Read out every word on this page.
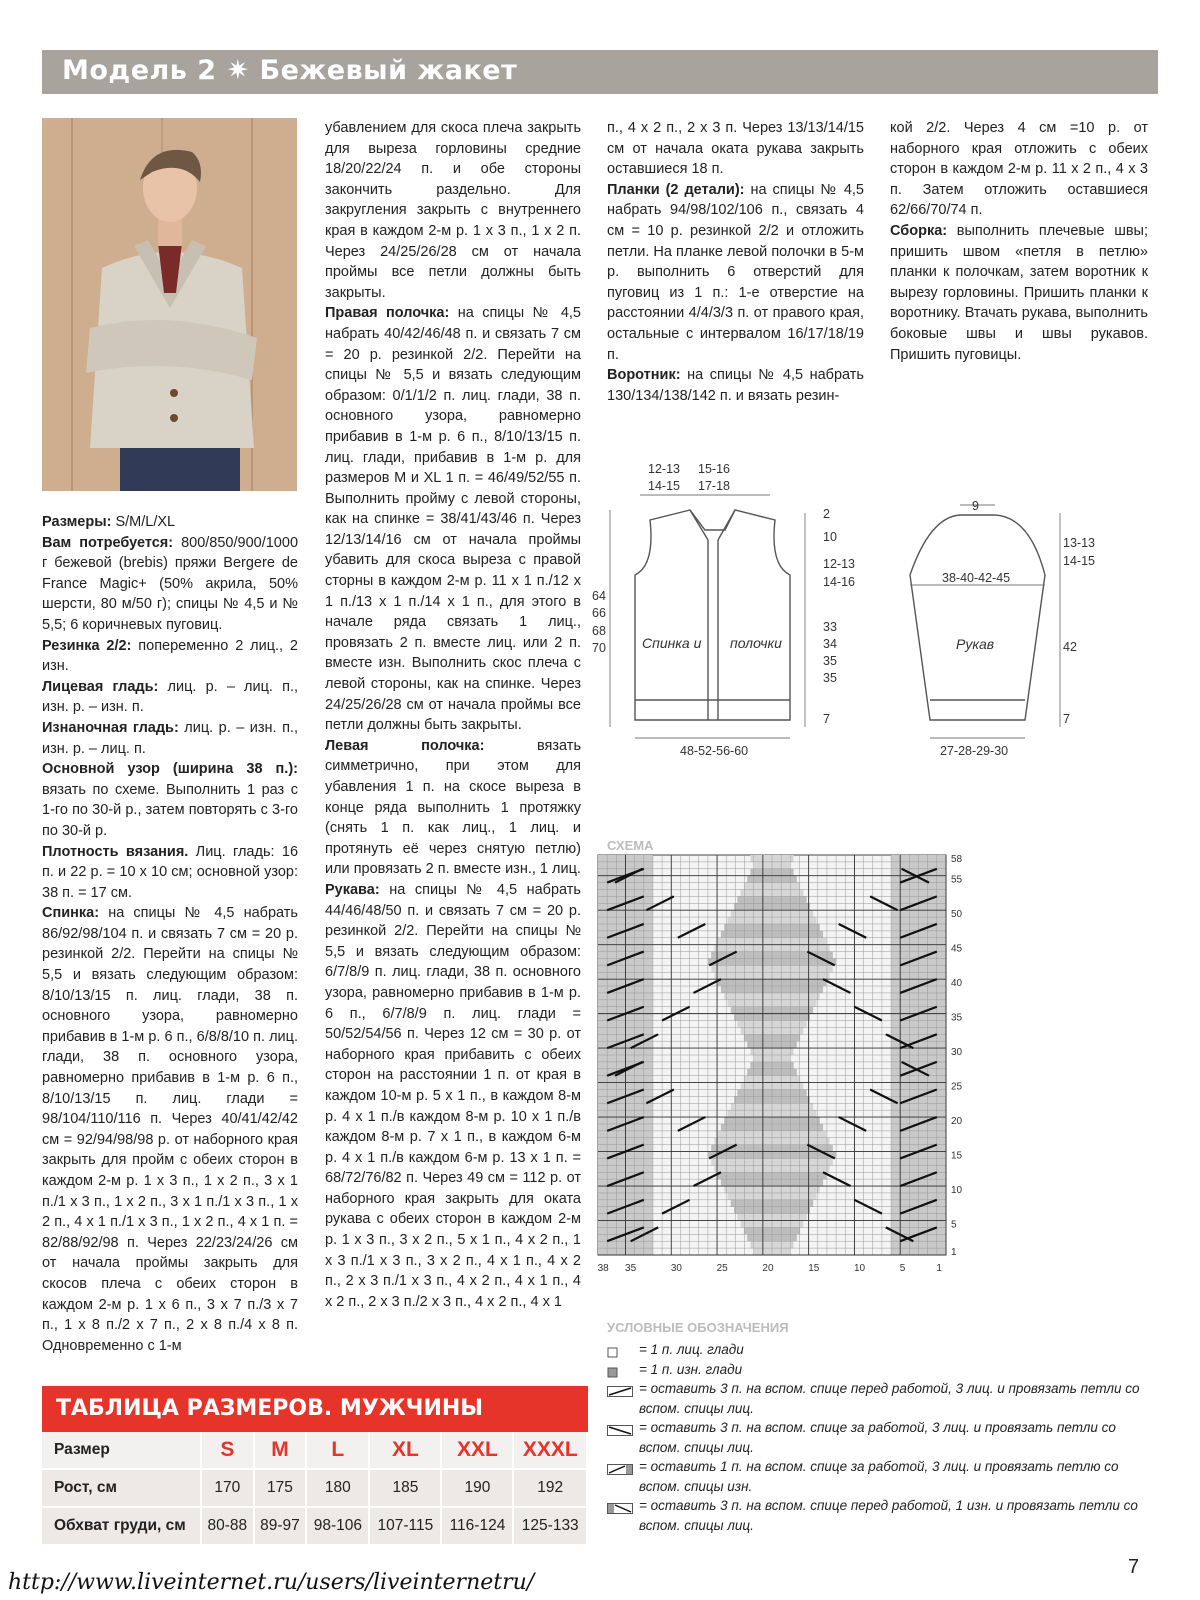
Модель 2 ✷ Бежевый жакет

Размеры: S/M/L/XL

Вам потребуется: 800/850/900/1000 г бежевой (brebis) пряжи Bergere de France Magic+ (50% акрила, 50% шерсти, 80 м/50 г); спицы № 4,5 и № 5,5; 6 коричневых пуговиц.

Резинка 2/2: попеременно 2 лиц., 2 изн.

Лицевая гладь: лиц. р. – лиц. п., изн. р. – изн. п.

Изнаночная гладь: лиц. р. – изн. п., изн. р. – лиц. п.

Основной узор (ширина 38 п.): вязать по схеме. Выполнить 1 раз с 1-го по 30-й р., затем повторять с 3-го по 30-й р.

Плотность вязания. Лиц. гладь: 16 п. и 22 р. = 10 х 10 см; основной узор: 38 п. = 17 см.

Спинка: на спицы № 4,5 набрать 86/92/98/104 п. и связать 7 см = 20 р. резинкой 2/2. Перейти на спицы № 5,5 и вязать следующим образом: 8/10/13/15 п. лиц. глади, 38 п. основного узора, равномерно прибавив в 1-м р. 6 п., 6/8/8/10 п. лиц. глади, 38 п. основного узора, равномерно прибавив в 1-м р. 6 п., 8/10/13/15 п. лиц. глади = 98/104/110/116 п. Через 40/41/42/42 см = 92/94/98/98 р. от наборного края закрыть для пройм с обеих сторон в каждом 2-м р. 1 х 3 п., 1 х 2 п., 3 х 1 п./1 х 3 п., 1 х 2 п., 3 х 1 п./1 х 3 п., 1 х 2 п., 4 х 1 п./1 х 3 п., 1 х 2 п., 4 х 1 п. = 82/88/92/98 п. Через 22/23/24/26 см от начала проймы закрыть для скосов плеча с обеих сторон в каждом 2-м р. 1 х 6 п., 3 х 7 п./3 х 7 п., 1 х 8 п./2 х 7 п., 2 х 8 п./4 х 8 п. Одновременно с 1-м

убавлением для скоса плеча закрыть для выреза горловины средние 18/20/22/24 п. и обе стороны закончить раздельно. Для закругления закрыть с внутреннего края в каждом 2-м р. 1 х 3 п., 1 х 2 п. Через 24/25/26/28 см от начала проймы все петли должны быть закрыты.

Правая полочка: на спицы № 4,5 набрать 40/42/46/48 п. и связать 7 см = 20 р. резинкой 2/2. Перейти на спицы № 5,5 и вязать следующим образом: 0/1/1/2 п. лиц. глади, 38 п. основного узора, равномерно прибавив в 1-м р. 6 п., 8/10/13/15 п. лиц. глади, прибавив в 1-м р. для размеров M и XL 1 п. = 46/49/52/55 п. Выполнить пройму с левой стороны, как на спинке = 38/41/43/46 п. Через 12/13/14/16 см от начала проймы убавить для скоса выреза с правой сторны в каждом 2-м р. 11 х 1 п./12 х 1 п./13 х 1 п./14 х 1 п., для этого в начале ряда связать 1 лиц., провязать 2 п. вместе лиц. или 2 п. вместе изн. Выполнить скос плеча с левой стороны, как на спинке. Через 24/25/26/28 см от начала проймы все петли должны быть закрыты.

Левая полочка: вязать симметрично, при этом для убавления 1 п. на скосе выреза в конце ряда выполнить 1 протяжку (снять 1 п. как лиц., 1 лиц. и протянуть её через снятую петлю) или провязать 2 п. вместе изн., 1 лиц.

Рукава: на спицы № 4,5 набрать 44/46/48/50 п. и связать 7 см = 20 р. резинкой 2/2. Перейти на спицы № 5,5 и вязать следующим образом: 6/7/8/9 п. лиц. глади, 38 п. основного узора, равномерно прибавив в 1-м р. 6 п., 6/7/8/9 п. лиц. глади = 50/52/54/56 п. Через 12 см = 30 р. от наборного края прибавить с обеих сторон на расстоянии 1 п. от края в каждом 10-м р. 5 х 1 п., в каждом 8-м р. 4 х 1 п./в каждом 8-м р. 10 х 1 п./в каждом 8-м р. 7 х 1 п., в каждом 6-м р. 4 х 1 п./в каждом 6-м р. 13 х 1 п. = 68/72/76/82 п. Через 49 см = 112 р. от наборного края закрыть для оката рукава с обеих сторон в каждом 2-м р. 1 х 3 п., 3 х 2 п., 5 х 1 п., 4 х 2 п., 1 х 3 п./1 х 3 п., 3 х 2 п., 4 х 1 п., 4 х 2 п., 2 х 3 п./1 х 3 п., 4 х 2 п., 4 х 1 п., 4 х 2 п., 2 х 3 п./2 х 3 п., 4 х 2 п., 4 х 1

п., 4 х 2 п., 2 х 3 п. Через 13/13/14/15 см от начала оката рукава закрыть оставшиеся 18 п.

Планки (2 детали): на спицы № 4,5 набрать 94/98/102/106 п., связать 4 см = 10 р. резинкой 2/2 и отложить петли. На планке левой полочки в 5-м р. выполнить 6 отверстий для пуговиц из 1 п.: 1-е отверстие на расстоянии 4/4/3/3 п. от правого края, остальные с интервалом 16/17/18/19 п.

Воротник: на спицы № 4,5 набрать 130/134/138/142 п. и вязать резин-

кой 2/2. Через 4 см =10 р. от наборного края отложить с обеих сторон в каждом 2-м р. 11 х 2 п., 4 х 3 п. Затем отложить оставшиеся 62/66/70/74 п.

Сборка: выполнить плечевые швы; пришить швом «петля в петлю» планки к полочкам, затем воротник к вырезу горловины. Пришить планки к воротнику. Втачать рукава, выполнить боковые швы и швы рукавов. Пришить пуговицы.

12-13
14-15
15-16
17-18
2
10
12-13
14-16
33
34
35
35
7
64
66
68
70	Спинка и полочки
48-52-56-60
9
38-40-42-45
13-13
14-15
Рукав	42
7
27-28-29-30
СХЕМА
58
55
50
45
40
35
30
25
20
15
10
5
1
38 35	30	25	20	15	10	5	1
УСЛОВНЫЕ ОБОЗНАЧЕНИЯ
= 1 п. лиц. глади
= 1 п. изн. глади
= оставить 3 п. на вспом. спице перед работой, 3 лиц. и провязать петли со вспом. спицы лиц.
= оставить 3 п. на вспом. спице за работой, 3 лиц. и провязать петли со вспом. спицы лиц.
= оставить 1 п. на вспом. спице за работой, 3 лиц. и провязать петлю со вспом. спицы изн.
= оставить 3 п. на вспом. спице перед работой, 1 изн. и провязать петли со вспом. спицы лиц.
ТАБЛИЦА РАЗМЕРОВ. МУЖЧИНЫ
Размер	S	M	L	XL	XXL	XXXL
Рост, см	170	175	180	185	190	192
Обхват груди, см	80-88	89-97	98-106	107-115	116-124	125-133
7
http://www.liveinternet.ru/users/liveinternetru/
